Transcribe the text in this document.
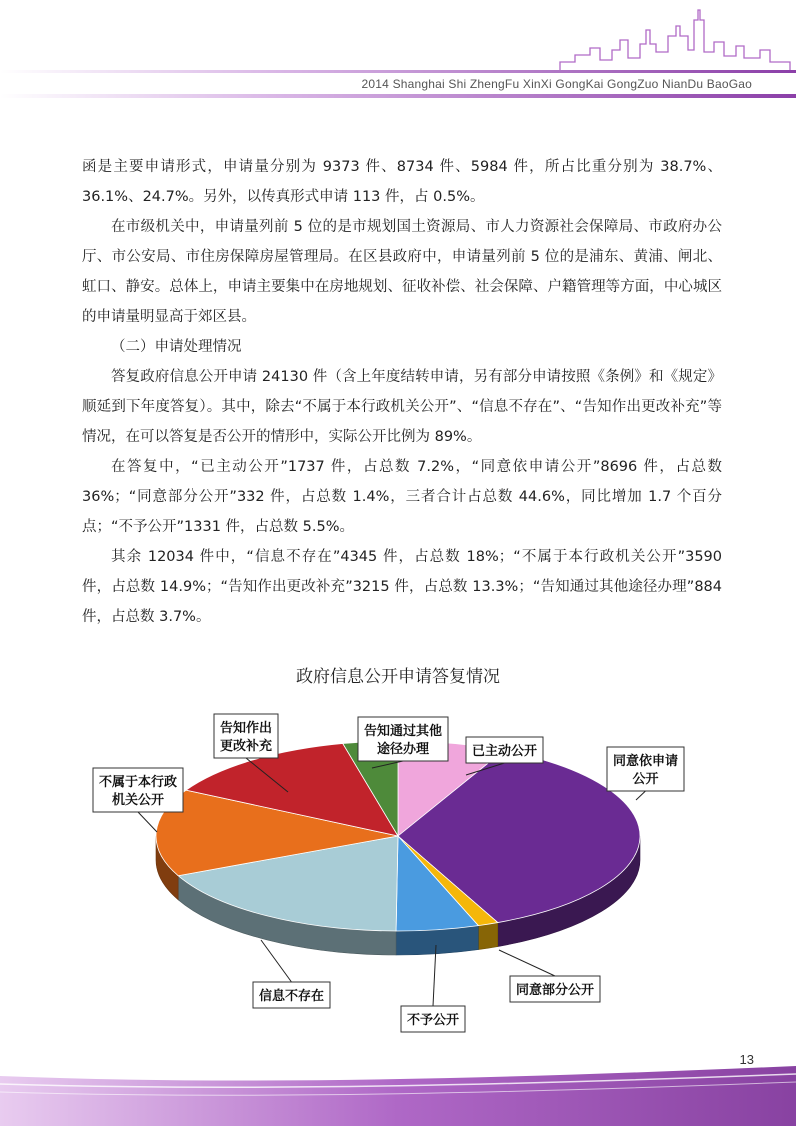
2014 Shanghai Shi ZhengFu XinXi GongKai GongZuo NianDu BaoGao

函是主要申请形式，申请量分别为 9373 件、8734 件、5984 件，所占比重分别为 38.7%、36.1%、24.7%。另外，以传真形式申请 113 件，占 0.5%。

在市级机关中，申请量列前 5 位的是市规划国土资源局、市人力资源社会保障局、市政府办公厅、市公安局、市住房保障房屋管理局。在区县政府中，申请量列前 5 位的是浦东、黄浦、闸北、虹口、静安。总体上，申请主要集中在房地规划、征收补偿、社会保障、户籍管理等方面，中心城区的申请量明显高于郊区县。

（二）申请处理情况

答复政府信息公开申请 24130 件（含上年度结转申请，另有部分申请按照《条例》和《规定》顺延到下年度答复）。其中，除去“不属于本行政机关公开”、“信息不存在”、“告知作出更改补充”等情况，在可以答复是否公开的情形中，实际公开比例为 89%。

在答复中，“已主动公开”1737 件，占总数 7.2%，“同意依申请公开”8696 件，占总数 36%；“同意部分公开”332 件，占总数 1.4%，三者合计占总数 44.6%，同比增加 1.7 个百分点；“不予公开”1331 件，占总数 5.5%。

其余 12034 件中，“信息不存在”4345 件，占总数 18%；“不属于本行政机关公开”3590 件，占总数 14.9%；“告知作出更改补充”3215 件，占总数 13.3%；“告知通过其他途径办理”884 件，占总数 3.7%。

政府信息公开申请答复情况
已主动公开
同意依申请
公开
同意部分公开
不予公开
信息不存在
不属于本行政
机关公开
告知作出
更改补充
告知通过其他
途径办理
13
